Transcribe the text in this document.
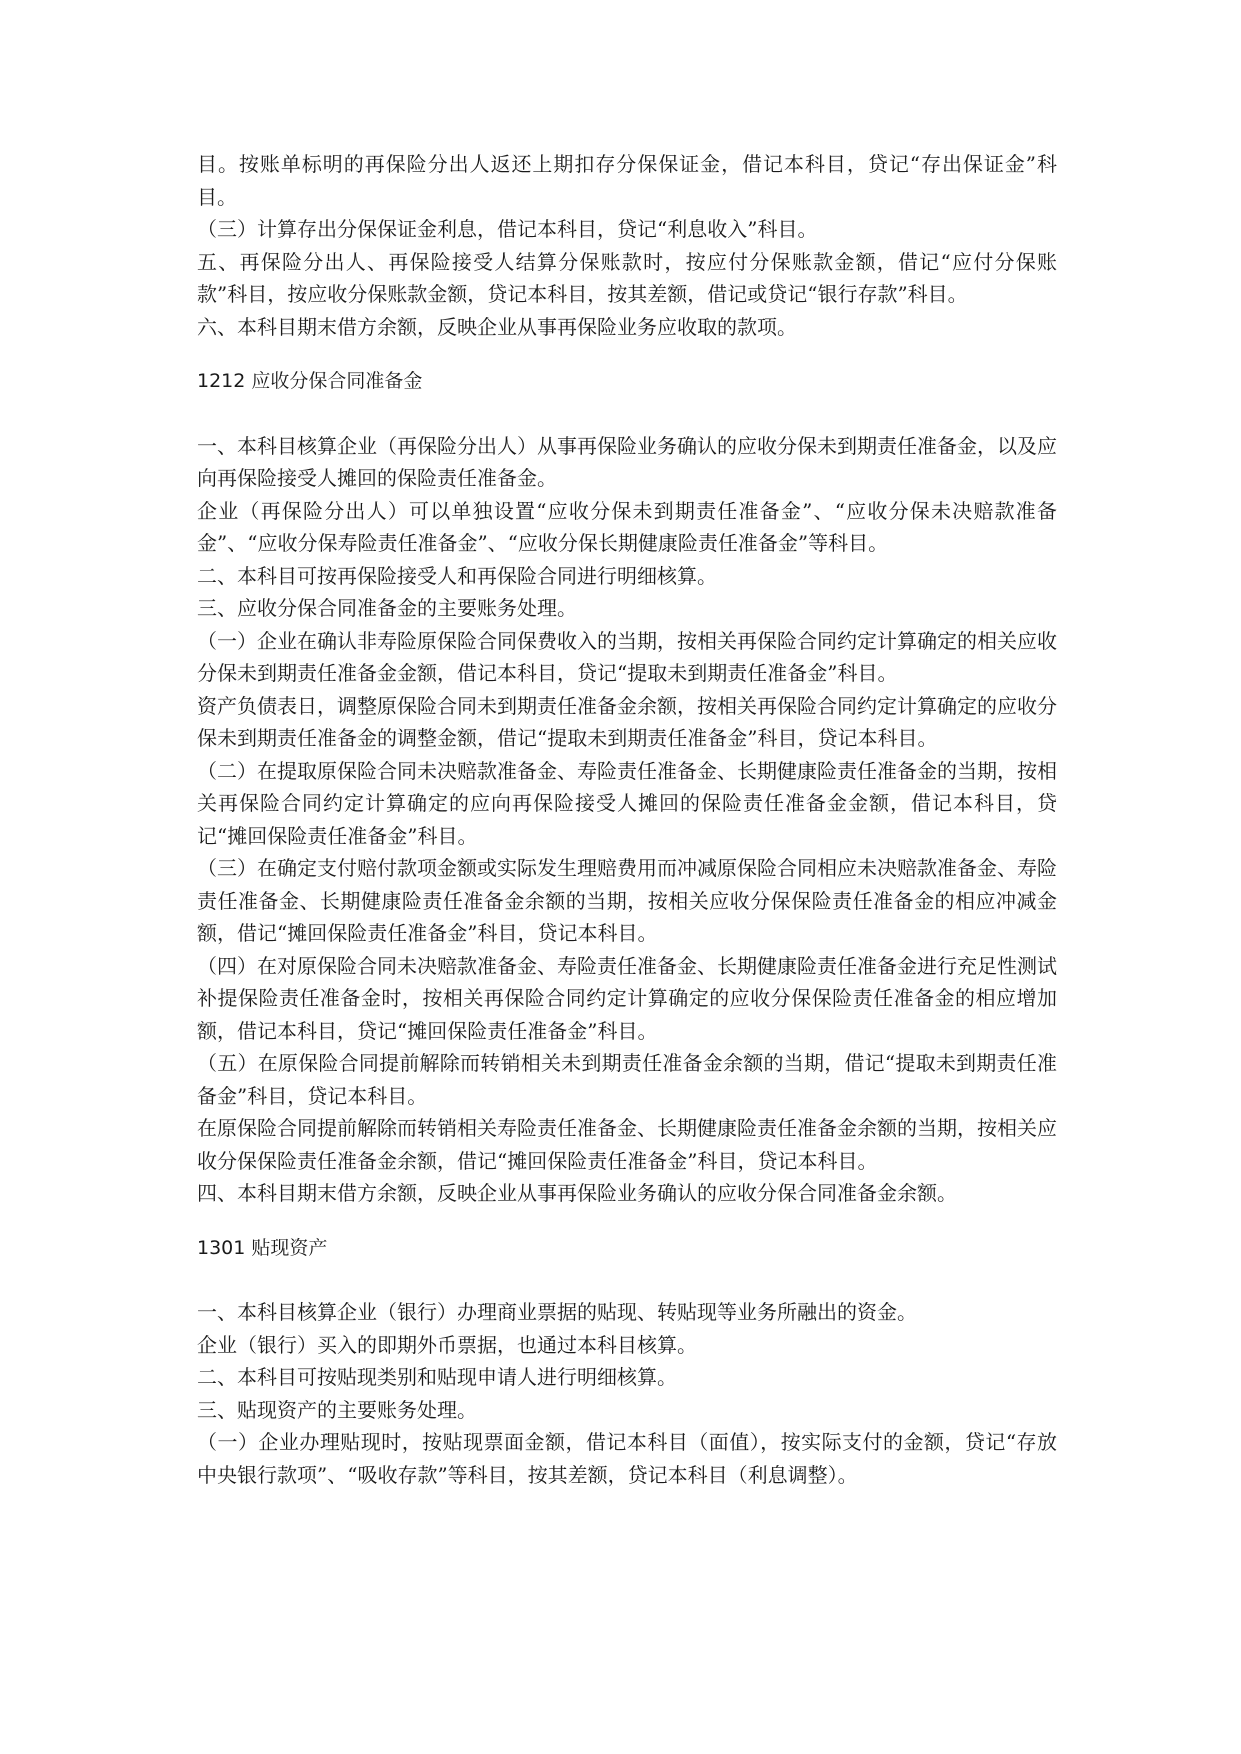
目。按账单标明的再保险分出人返还上期扣存分保保证金，借记本科目，贷记“存出保证金”科目。

（三）计算存出分保保证金利息，借记本科目，贷记“利息收入”科目。

五、再保险分出人、再保险接受人结算分保账款时，按应付分保账款金额，借记“应付分保账款”科目，按应收分保账款金额，贷记本科目，按其差额，借记或贷记“银行存款”科目。

六、本科目期末借方余额，反映企业从事再保险业务应收取的款项。

1212 应收分保合同准备金

一、本科目核算企业（再保险分出人）从事再保险业务确认的应收分保未到期责任准备金，以及应向再保险接受人摊回的保险责任准备金。

企业（再保险分出人）可以单独设置“应收分保未到期责任准备金”、“应收分保未决赔款准备金”、“应收分保寿险责任准备金”、“应收分保长期健康险责任准备金”等科目。

二、本科目可按再保险接受人和再保险合同进行明细核算。

三、应收分保合同准备金的主要账务处理。

（一）企业在确认非寿险原保险合同保费收入的当期，按相关再保险合同约定计算确定的相关应收分保未到期责任准备金金额，借记本科目，贷记“提取未到期责任准备金”科目。

资产负债表日，调整原保险合同未到期责任准备金余额，按相关再保险合同约定计算确定的应收分保未到期责任准备金的调整金额，借记“提取未到期责任准备金”科目，贷记本科目。

（二）在提取原保险合同未决赔款准备金、寿险责任准备金、长期健康险责任准备金的当期，按相关再保险合同约定计算确定的应向再保险接受人摊回的保险责任准备金金额，借记本科目，贷记“摊回保险责任准备金”科目。

（三）在确定支付赔付款项金额或实际发生理赔费用而冲减原保险合同相应未决赔款准备金、寿险责任准备金、长期健康险责任准备金余额的当期，按相关应收分保保险责任准备金的相应冲减金额，借记“摊回保险责任准备金”科目，贷记本科目。

（四）在对原保险合同未决赔款准备金、寿险责任准备金、长期健康险责任准备金进行充足性测试补提保险责任准备金时，按相关再保险合同约定计算确定的应收分保保险责任准备金的相应增加额，借记本科目，贷记“摊回保险责任准备金”科目。

（五）在原保险合同提前解除而转销相关未到期责任准备金余额的当期，借记“提取未到期责任准备金”科目，贷记本科目。

在原保险合同提前解除而转销相关寿险责任准备金、长期健康险责任准备金余额的当期，按相关应收分保保险责任准备金余额，借记“摊回保险责任准备金”科目，贷记本科目。

四、本科目期末借方余额，反映企业从事再保险业务确认的应收分保合同准备金余额。

1301 贴现资产

一、本科目核算企业（银行）办理商业票据的贴现、转贴现等业务所融出的资金。

企业（银行）买入的即期外币票据，也通过本科目核算。

二、本科目可按贴现类别和贴现申请人进行明细核算。

三、贴现资产的主要账务处理。

（一）企业办理贴现时，按贴现票面金额，借记本科目（面值），按实际支付的金额，贷记“存放中央银行款项”、“吸收存款”等科目，按其差额，贷记本科目（利息调整）。
